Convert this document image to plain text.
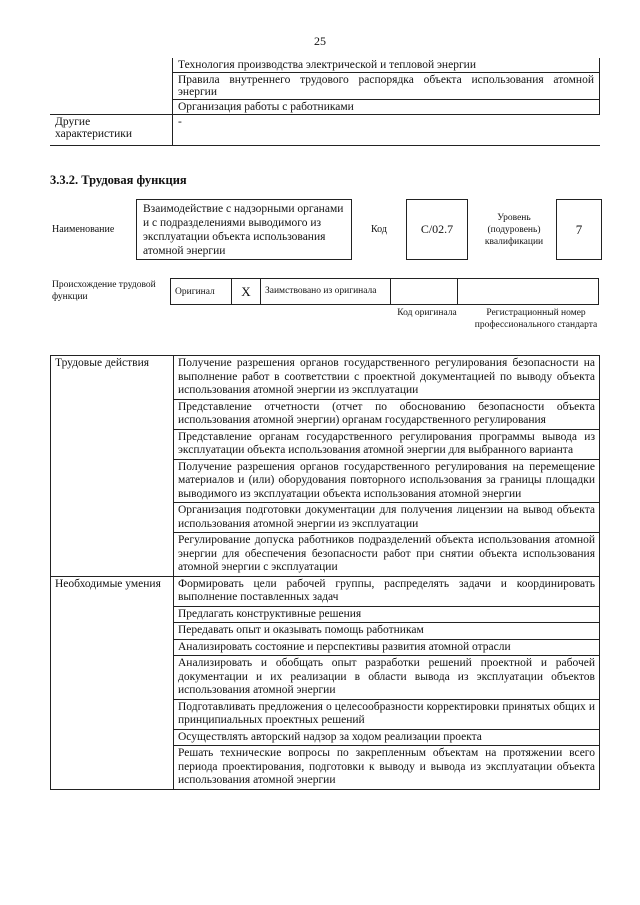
25
	Технология производства электрической и тепловой энергии
	Правила внутреннего трудового распорядка объекта использования атомной энергии
	Организация работы с работниками
Другие характеристики	-
3.3.2. Трудовая функция
Наименование
Взаимодействие с надзорными органами и с подразделениями выводимого из эксплуатации объекта использования атомной энергии
Код	C/02.7
Уровень (подуровень) квалификации
7
Происхождение трудовой функции
Оригинал	X	Заимствовано из оригинала		
Код оригинала	Регистрационный номер профессионального стандарта
Трудовые действия	Получение разрешения органов государственного регулирования безопасности на выполнение работ в соответствии с проектной документацией по выводу объекта использования атомной энергии из эксплуатации
	Представление отчетности (отчет по обоснованию безопасности объекта использования атомной энергии) органам государственного регулирования
	Представление органам государственного регулирования программы вывода из эксплуатации объекта использования атомной энергии для выбранного варианта
	Получение разрешения органов государственного регулирования на перемещение материалов и (или) оборудования повторного использования за границы площадки выводимого из эксплуатации объекта использования атомной энергии
	Организация подготовки документации для получения лицензии на вывод объекта использования атомной энергии из эксплуатации
	Регулирование допуска работников подразделений объекта использования атомной энергии для обеспечения безопасности работ при снятии объекта использования атомной энергии с эксплуатации
Необходимые умения	Формировать цели рабочей группы, распределять задачи и координировать выполнение поставленных задач
	Предлагать конструктивные решения
	Передавать опыт и оказывать помощь работникам
	Анализировать состояние и перспективы развития атомной отрасли
	Анализировать и обобщать опыт разработки решений проектной и рабочей документации и их реализации в области вывода из эксплуатации объектов использования атомной энергии
	Подготавливать предложения о целесообразности корректировки принятых общих и принципиальных проектных решений
	Осуществлять авторский надзор за ходом реализации проекта
	Решать технические вопросы по закрепленным объектам на протяжении всего периода проектирования, подготовки к выводу и вывода из эксплуатации объекта использования атомной энергии
